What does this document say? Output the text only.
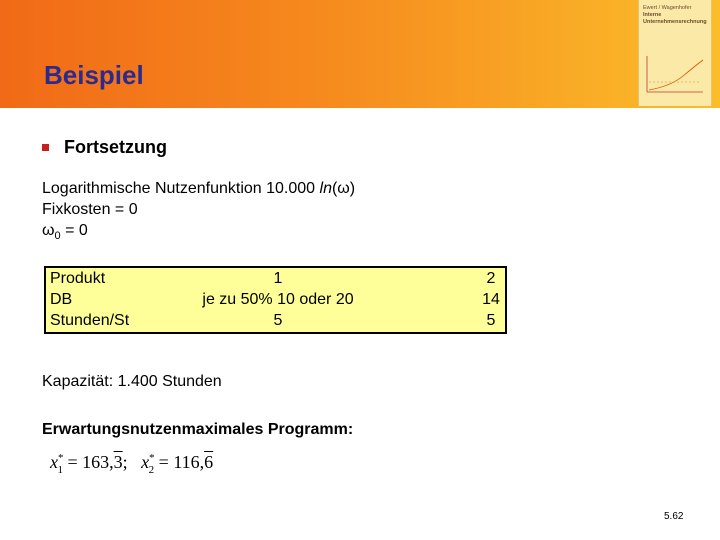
Beispiel
Ewert / Wagenhofer
Interne
Unternehmensrechnung
Fortsetzung
Logarithmische Nutzenfunktion 10.000 ln(ω)
Fixkosten = 0
$\omega_0 = 0$
Produkt
DB
Stunden/St
1
je zu 50% 10 oder 20
5
2
14
5
Kapazität: 1.400 Stunden
Erwartungsnutzenmaximales Programm:
$x^*_1 = 163,3$; $x^*_2 = 116,6$
5.62
